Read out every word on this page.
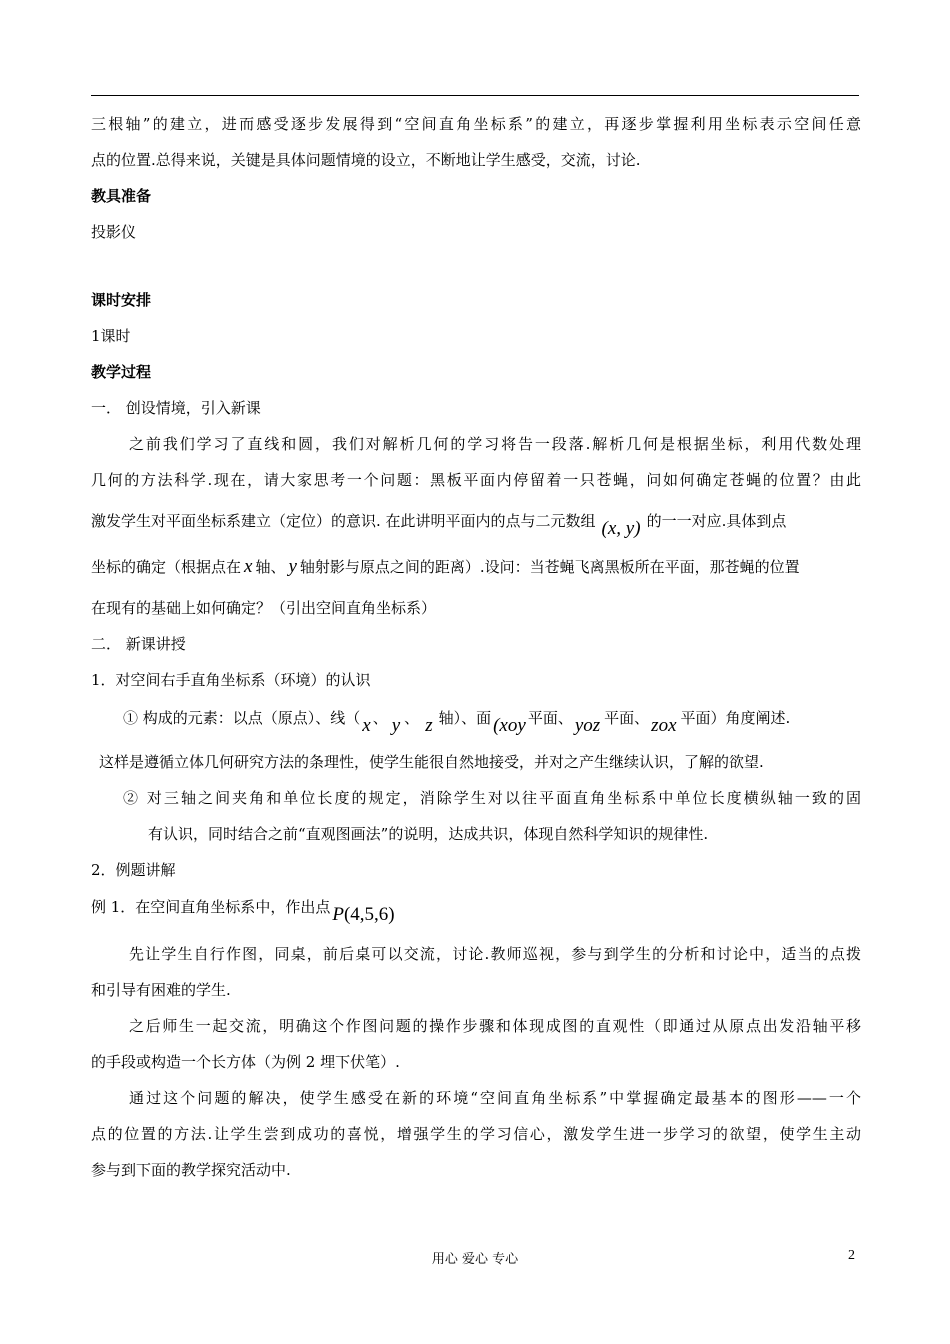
三根轴”的建立，进而感受逐步发展得到“空间直角坐标系”的建立，再逐步掌握利用坐标表示空间任意
点的位置.总得来说，关键是具体问题情境的设立，不断地让学生感受，交流，讨论.
教具准备
投影仪
课时安排
1课时
教学过程
一． 创设情境，引入新课
之前我们学习了直线和圆，我们对解析几何的学习将告一段落.解析几何是根据坐标，利用代数处理
几何的方法科学.现在，请大家思考一个问题：黑板平面内停留着一只苍蝇，问如何确定苍蝇的位置？由此
激发学生对平面坐标系建立（定位）的意识. 在此讲明平面内的点与二元数组 (x, y) 的一一对应.具体到点
坐标的确定（根据点在 x 轴、 y 轴射影与原点之间的距离）.设问：当苍蝇飞离黑板所在平面，那苍蝇的位置
在现有的基础上如何确定？（引出空间直角坐标系）
二． 新课讲授
1．对空间右手直角坐标系（环境）的认识
① 构成的元素：以点（原点）、线（ x 、 y 、 z 轴）、面 (xoy 平面、 yoz 平面、 zox 平面）角度阐述.
这样是遵循立体几何研究方法的条理性，使学生能很自然地接受，并对之产生继续认识，了解的欲望.
② 对三轴之间夹角和单位长度的规定，消除学生对以往平面直角坐标系中单位长度横纵轴一致的固
有认识，同时结合之前“直观图画法”的说明，达成共识，体现自然科学知识的规律性.
2．例题讲解
例 1．在空间直角坐标系中，作出点 P(4,5,6)
先让学生自行作图，同桌，前后桌可以交流，讨论.教师巡视，参与到学生的分析和讨论中，适当的点拨
和引导有困难的学生.
之后师生一起交流，明确这个作图问题的操作步骤和体现成图的直观性（即通过从原点出发沿轴平移
的手段或构造一个长方体（为例 2 埋下伏笔）.
通过这个问题的解决，使学生感受在新的环境“空间直角坐标系”中掌握确定最基本的图形——一个
点的位置的方法.让学生尝到成功的喜悦，增强学生的学习信心，激发学生进一步学习的欲望，使学生主动
参与到下面的教学探究活动中.
用心 爱心 专心	2
